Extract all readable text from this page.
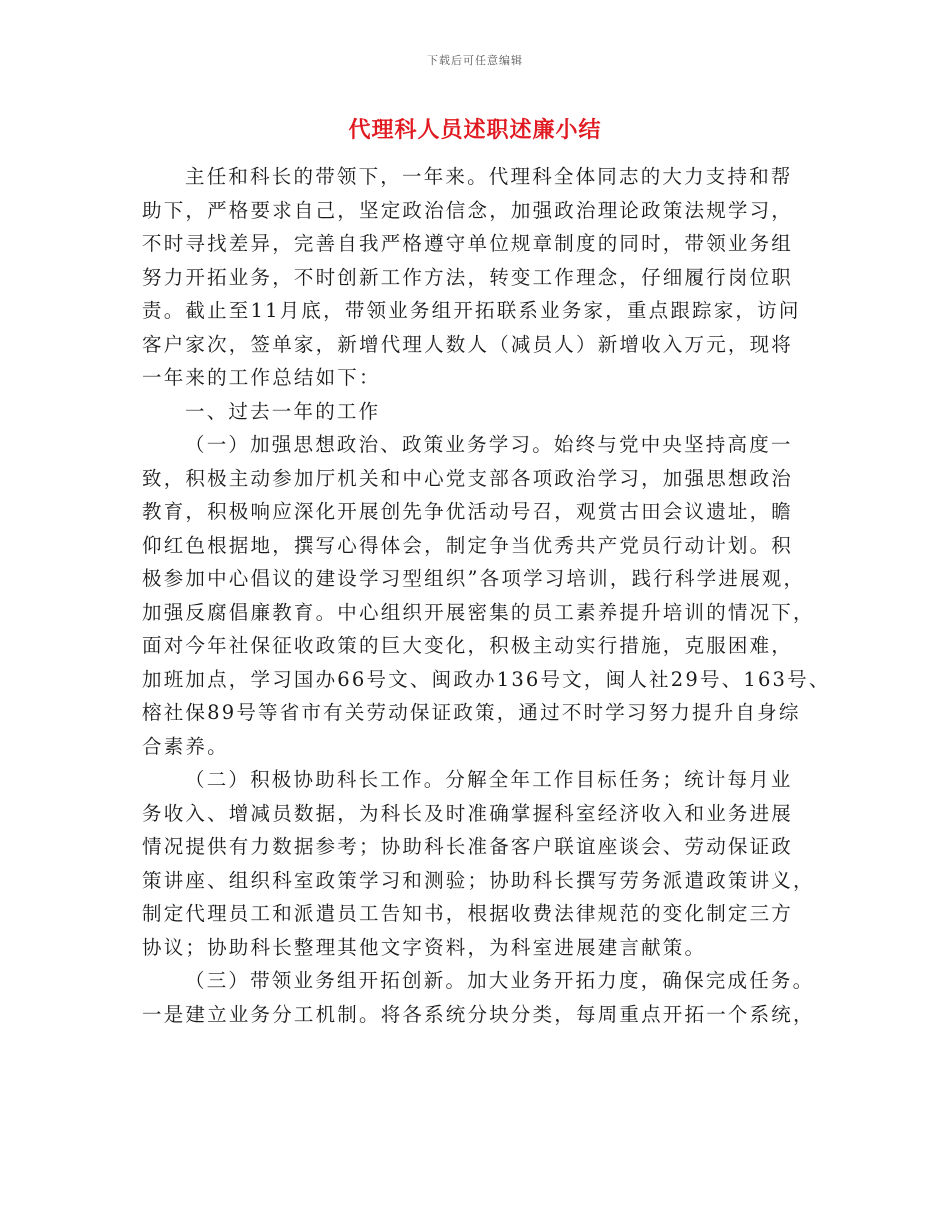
下载后可任意编辑
代理科人员述职述廉小结
主任和科长的带领下，一年来。代理科全体同志的大力支持和帮
助下，严格要求自己，坚定政治信念，加强政治理论政策法规学习，
不时寻找差异，完善自我严格遵守单位规章制度的同时，带领业务组
努力开拓业务，不时创新工作方法，转变工作理念，仔细履行岗位职
责。截止至11月底，带领业务组开拓联系业务家，重点跟踪家，访问
客户家次，签单家，新增代理人数人（减员人）新增收入万元，现将
一年来的工作总结如下：
一、过去一年的工作
（一）加强思想政治、政策业务学习。始终与党中央坚持高度一
致，积极主动参加厅机关和中心党支部各项政治学习，加强思想政治
教育，积极响应深化开展创先争优活动号召，观赏古田会议遗址，瞻
仰红色根据地，撰写心得体会，制定争当优秀共产党员行动计划。积
极参加中心倡议的建设学习型组织”各项学习培训，践行科学进展观，
加强反腐倡廉教育。中心组织开展密集的员工素养提升培训的情况下，
面对今年社保征收政策的巨大变化，积极主动实行措施，克服困难，
加班加点，学习国办66号文、闽政办136号文，闽人社29号、163号、
榕社保89号等省市有关劳动保证政策，通过不时学习努力提升自身综
合素养。
（二）积极协助科长工作。分解全年工作目标任务；统计每月业
务收入、增减员数据，为科长及时准确掌握科室经济收入和业务进展
情况提供有力数据参考；协助科长准备客户联谊座谈会、劳动保证政
策讲座、组织科室政策学习和测验；协助科长撰写劳务派遣政策讲义，
制定代理员工和派遣员工告知书，根据收费法律规范的变化制定三方
协议；协助科长整理其他文字资料，为科室进展建言献策。
（三）带领业务组开拓创新。加大业务开拓力度，确保完成任务。
一是建立业务分工机制。将各系统分块分类，每周重点开拓一个系统，
